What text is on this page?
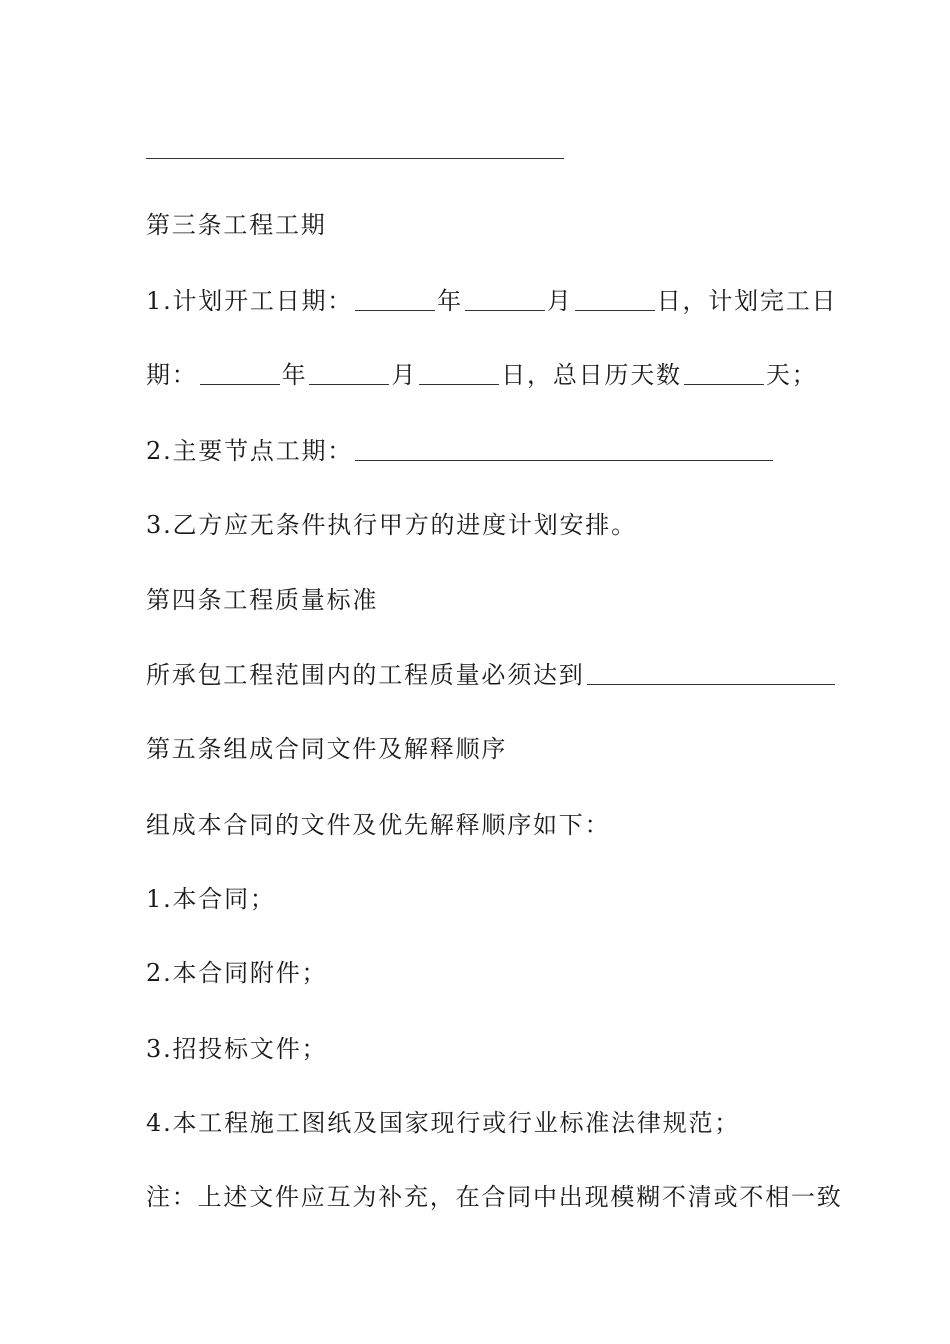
第三条工程工期
1.计划开工日期：	年	月	日，计划完工日
期：	年	月	日，总日历天数	天；
2.主要节点工期：
3.乙方应无条件执行甲方的进度计划安排。
第四条工程质量标准
所承包工程范围内的工程质量必须达到
第五条组成合同文件及解释顺序
组成本合同的文件及优先解释顺序如下：
1.本合同；
2.本合同附件；
3.招投标文件；
4.本工程施工图纸及国家现行或行业标准法律规范；
注：上述文件应互为补充，在合同中出现模糊不清或不相一致
